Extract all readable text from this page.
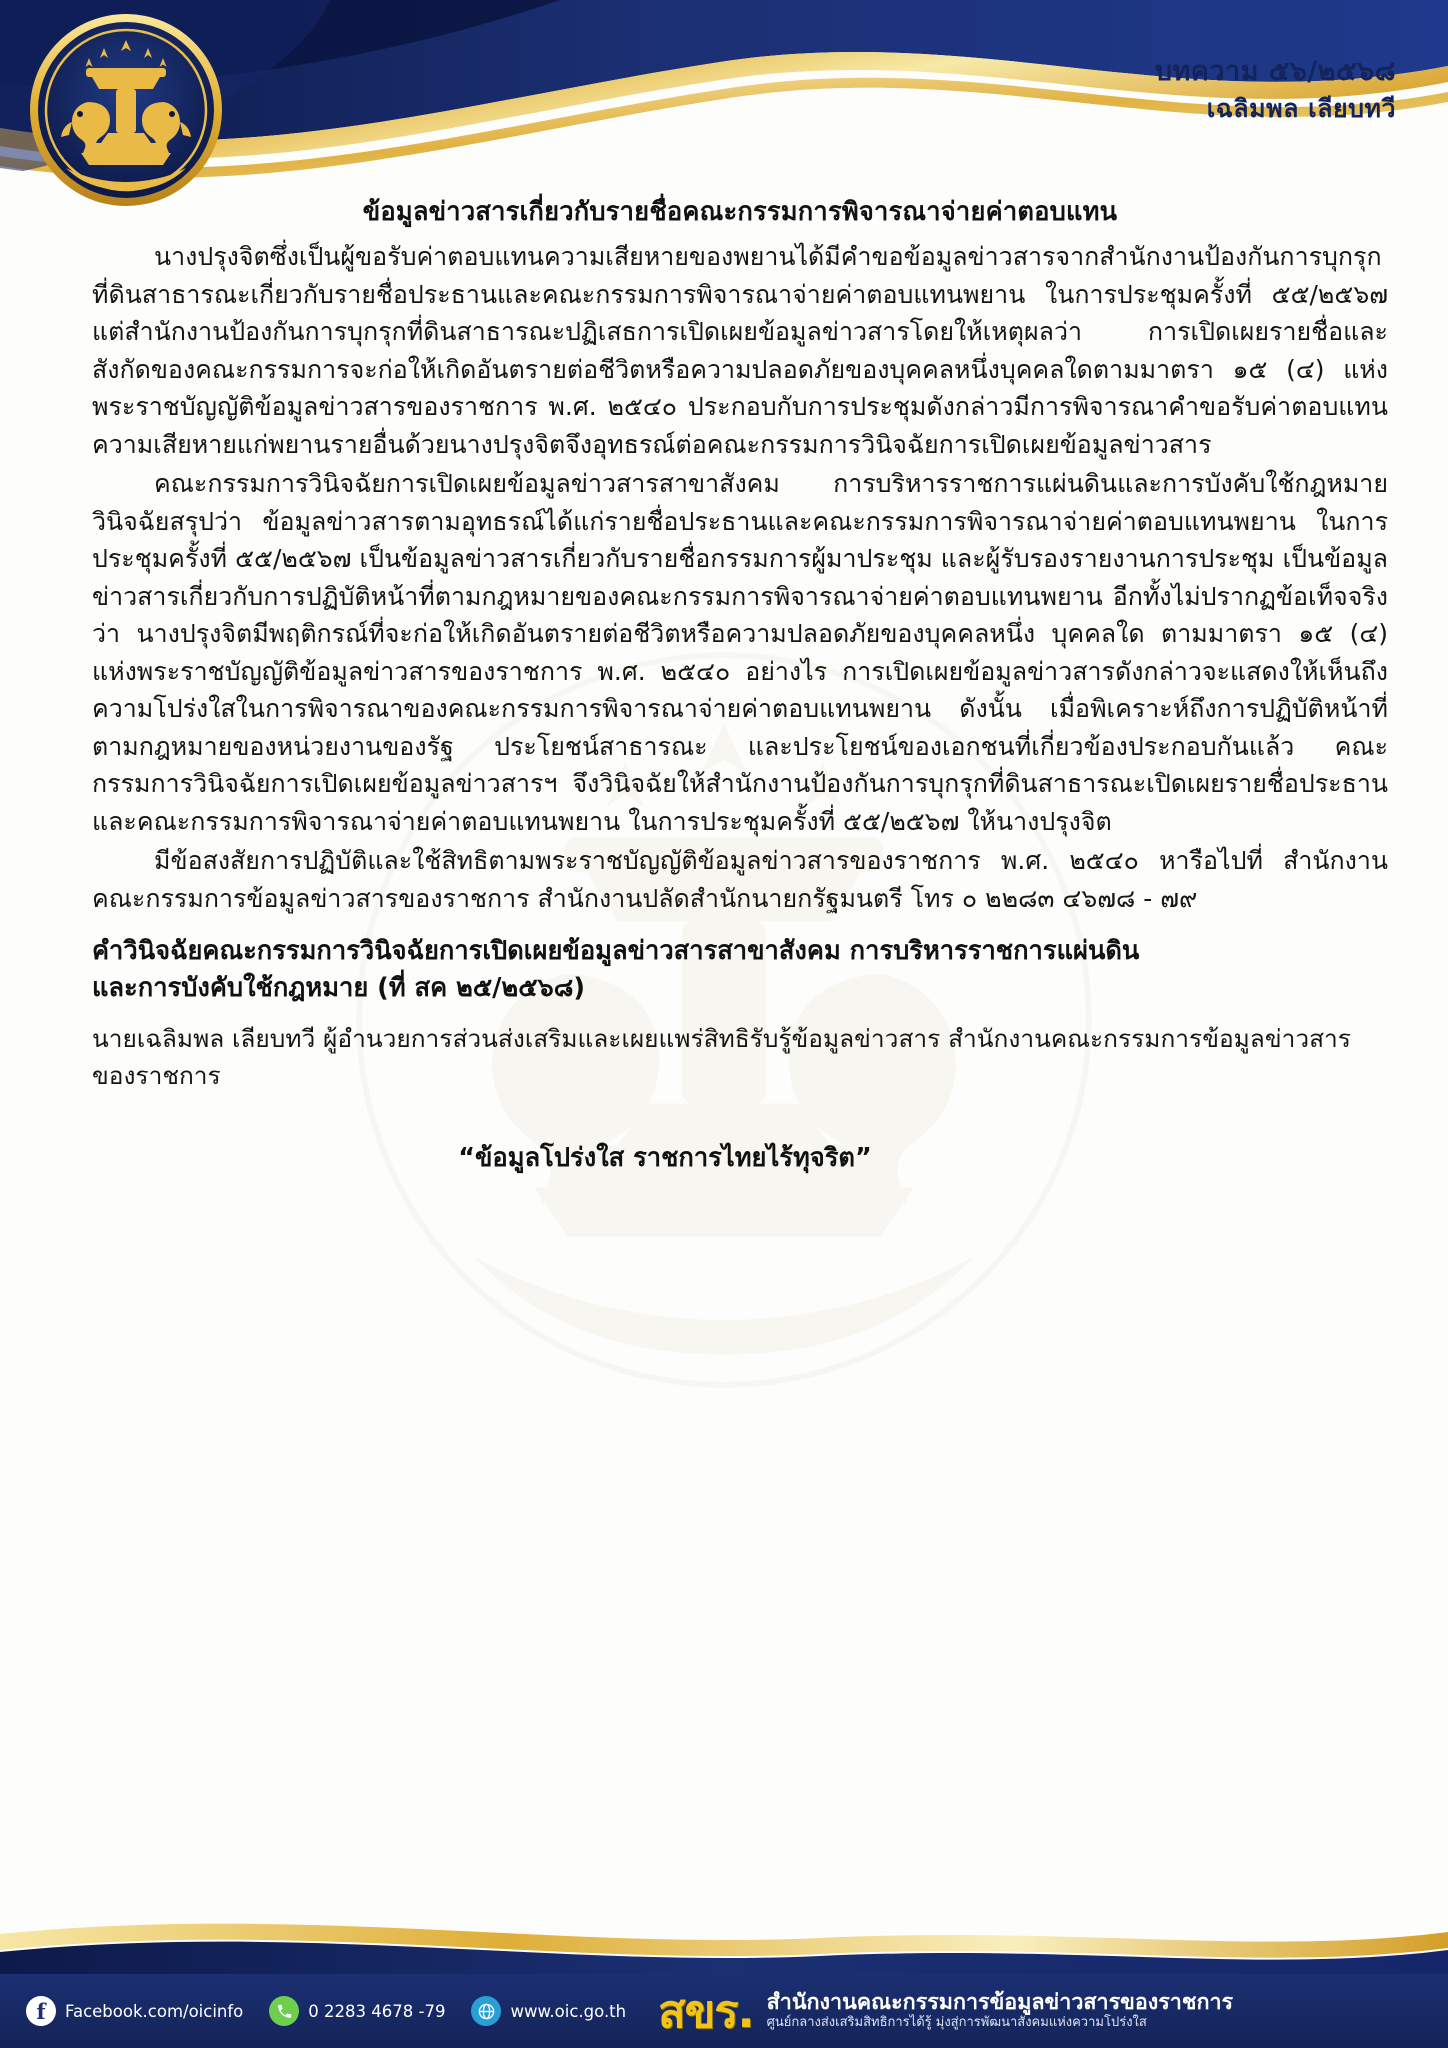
บทความ ๕๖/๒๕๖๘
เฉลิมพล เลียบทวี
ข้อมูลข่าวสารเกี่ยวกับรายชื่อคณะกรรมการพิจารณาจ่ายค่าตอบแทน

นางปรุงจิตซึ่งเป็นผู้ขอรับค่าตอบแทนความเสียหายของพยานได้มีคำขอข้อมูลข่าวสารจากสำนักงานป้องกันการบุกรุกที่ดินสาธารณะเกี่ยวกับรายชื่อประธานและคณะกรรมการพิจารณาจ่ายค่าตอบแทนพยาน ในการประชุมครั้งที่ ๕๕/๒๕๖๗ แต่สำนักงานป้องกันการบุกรุกที่ดินสาธารณะปฏิเสธการเปิดเผยข้อมูลข่าวสารโดยให้เหตุผลว่า การเปิดเผยรายชื่อและสังกัดของคณะกรรมการจะก่อให้เกิดอันตรายต่อชีวิตหรือความปลอดภัยของบุคคลหนึ่งบุคคลใดตามมาตรา ๑๕ (๔) แห่งพระราชบัญญัติข้อมูลข่าวสารของราชการ พ.ศ. ๒๕๔๐ ประกอบกับการประชุมดังกล่าวมีการพิจารณาคำขอรับค่าตอบแทนความเสียหายแก่พยานรายอื่นด้วยนางปรุงจิตจึงอุทธรณ์ต่อคณะกรรมการวินิจฉัยการเปิดเผยข้อมูลข่าวสาร

คณะกรรมการวินิจฉัยการเปิดเผยข้อมูลข่าวสารสาขาสังคม การบริหารราชการแผ่นดินและการบังคับใช้กฎหมายวินิจฉัยสรุปว่า ข้อมูลข่าวสารตามอุทธรณ์ได้แก่รายชื่อประธานและคณะกรรมการพิจารณาจ่ายค่าตอบแทนพยาน ในการประชุมครั้งที่ ๕๕/๒๕๖๗ เป็นข้อมูลข่าวสารเกี่ยวกับรายชื่อกรรมการผู้มาประชุม และผู้รับรองรายงานการประชุม เป็นข้อมูลข่าวสารเกี่ยวกับการปฏิบัติหน้าที่ตามกฎหมายของคณะกรรมการพิจารณาจ่ายค่าตอบแทนพยาน อีกทั้งไม่ปรากฏข้อเท็จจริงว่า นางปรุงจิตมีพฤติกรณ์ที่จะก่อให้เกิดอันตรายต่อชีวิตหรือความปลอดภัยของบุคคลหนึ่ง บุคคลใด ตามมาตรา ๑๕ (๔) แห่งพระราชบัญญัติข้อมูลข่าวสารของราชการ พ.ศ. ๒๕๔๐ อย่างไร การเปิดเผยข้อมูลข่าวสารดังกล่าวจะแสดงให้เห็นถึงความโปร่งใสในการพิจารณาของคณะกรรมการพิจารณาจ่ายค่าตอบแทนพยาน ดังนั้น เมื่อพิเคราะห์ถึงการปฏิบัติหน้าที่ตามกฎหมายของหน่วยงานของรัฐ ประโยชน์สาธารณะ และประโยชน์ของเอกชนที่เกี่ยวข้องประกอบกันแล้ว คณะกรรมการวินิจฉัยการเปิดเผยข้อมูลข่าวสารฯ จึงวินิจฉัยให้สำนักงานป้องกันการบุกรุกที่ดินสาธารณะเปิดเผยรายชื่อประธานและคณะกรรมการพิจารณาจ่ายค่าตอบแทนพยาน ในการประชุมครั้งที่ ๕๕/๒๕๖๗ ให้นางปรุงจิต

มีข้อสงสัยการปฏิบัติและใช้สิทธิตามพระราชบัญญัติข้อมูลข่าวสารของราชการ พ.ศ. ๒๕๔๐ หารือไปที่ สำนักงานคณะกรรมการข้อมูลข่าวสารของราชการ สำนักงานปลัดสำนักนายกรัฐมนตรี โทร ๐ ๒๒๘๓ ๔๖๗๘ - ๗๙

คำวินิจฉัยคณะกรรมการวินิจฉัยการเปิดเผยข้อมูลข่าวสารสาขาสังคม การบริหารราชการแผ่นดิน
และการบังคับใช้กฎหมาย (ที่ สค ๒๕/๒๕๖๘)

นายเฉลิมพล เลียบทวี ผู้อำนวยการส่วนส่งเสริมและเผยแพร่สิทธิรับรู้ข้อมูลข่าวสาร สำนักงานคณะกรรมการข้อมูลข่าวสารของราชการ

“ข้อมูลโปร่งใส ราชการไทยไร้ทุจริต”
f	Facebook.com/oicinfo	0 2283 4678 -79	www.oic.go.th สขร. สำนักงานคณะกรรมการข้อมูลข่าวสารของราชการ
ศูนย์กลางส่งเสริมสิทธิการได้รู้ มุ่งสู่การพัฒนาสังคมแห่งความโปร่งใส
